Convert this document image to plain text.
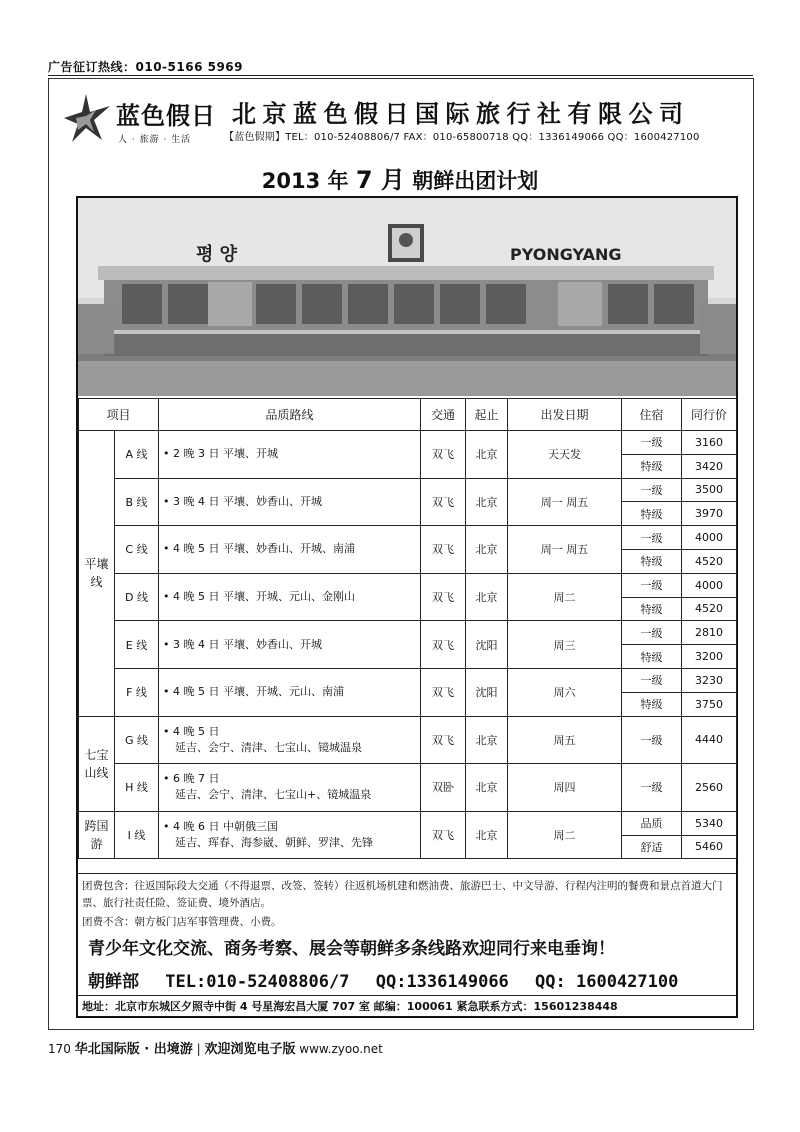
广告征订热线：010-5166 5969
蓝色假日
人 · 旅游 · 生活
北京蓝色假日国际旅行社有限公司
【蓝色假期】TEL：010-52408806/7 FAX：010-65800718 QQ：1336149066 QQ：1600427100
2013 年 7 月 朝鲜出团计划
평 양	PYONGYANG
项目		品质路线	交通	起止	出发日期	住宿	同行价
平壤线	A 线	• 2 晚 3 日 平壤、开城	双飞	北京	天天发	一级	3160
						特级	3420
	B 线	• 3 晚 4 日 平壤、妙香山、开城	双飞	北京	周一 周五	一级	3500
						特级	3970
	C 线	• 4 晚 5 日 平壤、妙香山、开城、南浦	双飞	北京	周一 周五	一级	4000
						特级	4520
	D 线	• 4 晚 5 日 平壤、开城、元山、金刚山	双飞	北京	周二	一级	4000
						特级	4520
	E 线	• 3 晚 4 日 平壤、妙香山、开城	双飞	沈阳	周三	一级	2810
						特级	3200
	F 线	• 4 晚 5 日 平壤、开城、元山、南浦	双飞	沈阳	周六	一级	3230
						特级	3750
七宝山线	G 线	• 4 晚 5 日
延吉、会宁、清津、七宝山、镜城温泉	双飞	北京	周五	一级	4440

	H 线	• 6 晚 7 日
延吉、会宁、清津、七宝山+、镜城温泉	双卧	北京	周四	一级	2560

跨国游	I 线	• 4 晚 6 日 中朝俄三国
延吉、珲春、海参崴、朝鲜、罗津、先锋	双飞	北京	周二	品质	5340
						舒适	5460
团费包含：往返国际段大交通（不得退票、改签、签转）往返机场机建和燃油费、旅游巴士、中文导游、行程内注明的餐费和景点首道大门票、旅行社责任险、签证费、境外酒店。
团费不含：朝方板门店军事管理费、小费。
青少年文化交流、商务考察、展会等朝鲜多条线路欢迎同行来电垂询！
朝鲜部 TEL:010-52408806/7 QQ:1336149066 QQ: 1600427100
地址：北京市东城区夕照寺中街 4 号星海宏昌大厦 707 室 邮编：100061 紧急联系方式：15601238448
170 华北国际版 · 出境游 | 欢迎浏览电子版 www.zyoo.net
